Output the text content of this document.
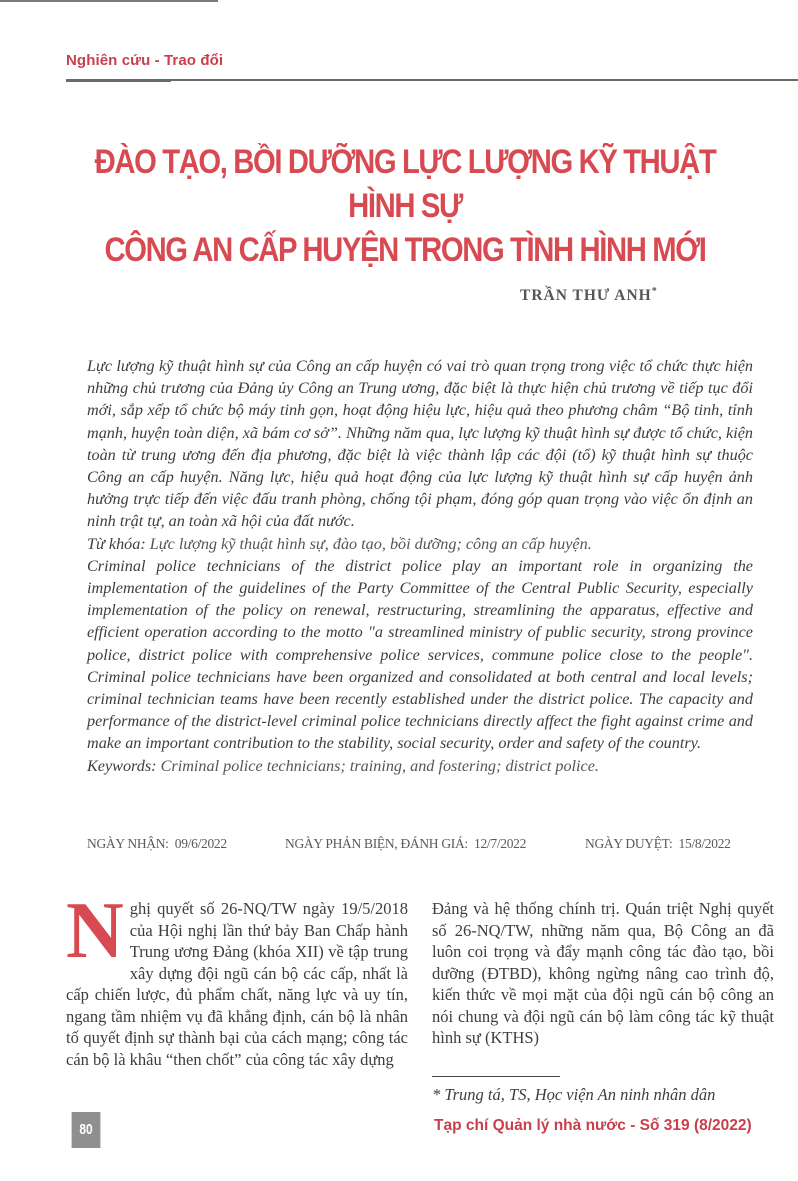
Nghiên cứu - Trao đổi
ĐÀO TẠO, BỒI DƯỠNG LỰC LƯỢNG KỸ THUẬT HÌNH SỰ
CÔNG AN CẤP HUYỆN TRONG TÌNH HÌNH MỚI
TRẦN THƯ ANH*

Lực lượng kỹ thuật hình sự của Công an cấp huyện có vai trò quan trọng trong việc tổ chức thực hiện những chủ trương của Đảng ủy Công an Trung ương, đặc biệt là thực hiện chủ trương về tiếp tục đổi mới, sắp xếp tổ chức bộ máy tinh gọn, hoạt động hiệu lực, hiệu quả theo phương châm “Bộ tinh, tỉnh mạnh, huyện toàn diện, xã bám cơ sở”. Những năm qua, lực lượng kỹ thuật hình sự được tổ chức, kiện toàn từ trung ương đến địa phương, đặc biệt là việc thành lập các đội (tổ) kỹ thuật hình sự thuộc Công an cấp huyện. Năng lực, hiệu quả hoạt động của lực lượng kỹ thuật hình sự cấp huyện ảnh hưởng trực tiếp đến việc đấu tranh phòng, chống tội phạm, đóng góp quan trọng vào việc ổn định an ninh trật tự, an toàn xã hội của đất nước.

Từ khóa: Lực lượng kỹ thuật hình sự, đào tạo, bồi dưỡng; công an cấp huyện.

Criminal police technicians of the district police play an important role in organizing the implementation of the guidelines of the Party Committee of the Central Public Security, especially implementation of the policy on renewal, restructuring, streamlining the apparatus, effective and efficient operation according to the motto "a streamlined ministry of public security, strong province police, district police with comprehensive police services, commune police close to the people". Criminal police technicians have been organized and consolidated at both central and local levels; criminal technician teams have been recently established under the district police. The capacity and performance of the district-level criminal police technicians directly affect the fight against crime and make an important contribution to the stability, social security, order and safety of the country.

Keywords: Criminal police technicians; training, and fostering; district police.

NGÀY NHẬN: 09/6/2022	NGÀY PHẢN BIỆN, ĐÁNH GIÁ: 12/7/2022	NGÀY DUYỆT: 15/8/2022
N ghị quyết số 26-NQ/TW ngày 19/5/2018 của Hội nghị lần thứ bảy Ban Chấp hành Trung ương Đảng (khóa XII) về tập trung xây dựng đội ngũ cán bộ các cấp, nhất là cấp chiến lược, đủ phẩm chất, năng lực và uy tín, ngang tầm nhiệm vụ đã khẳng định, cán bộ là nhân tố quyết định sự thành bại của cách mạng; công tác cán bộ là khâu “then chốt” của công tác xây dựng

Đảng và hệ thống chính trị. Quán triệt Nghị quyết số 26-NQ/TW, những năm qua, Bộ Công an đã luôn coi trọng và đẩy mạnh công tác đào tạo, bồi dưỡng (ĐTBD), không ngừng nâng cao trình độ, kiến thức về mọi mặt của đội ngũ cán bộ công an nói chung và đội ngũ cán bộ làm công tác kỹ thuật hình sự (KTHS)

* Trung tá, TS, Học viện An ninh nhân dân
80	Tạp chí Quản lý nhà nước - Số 319 (8/2022)
